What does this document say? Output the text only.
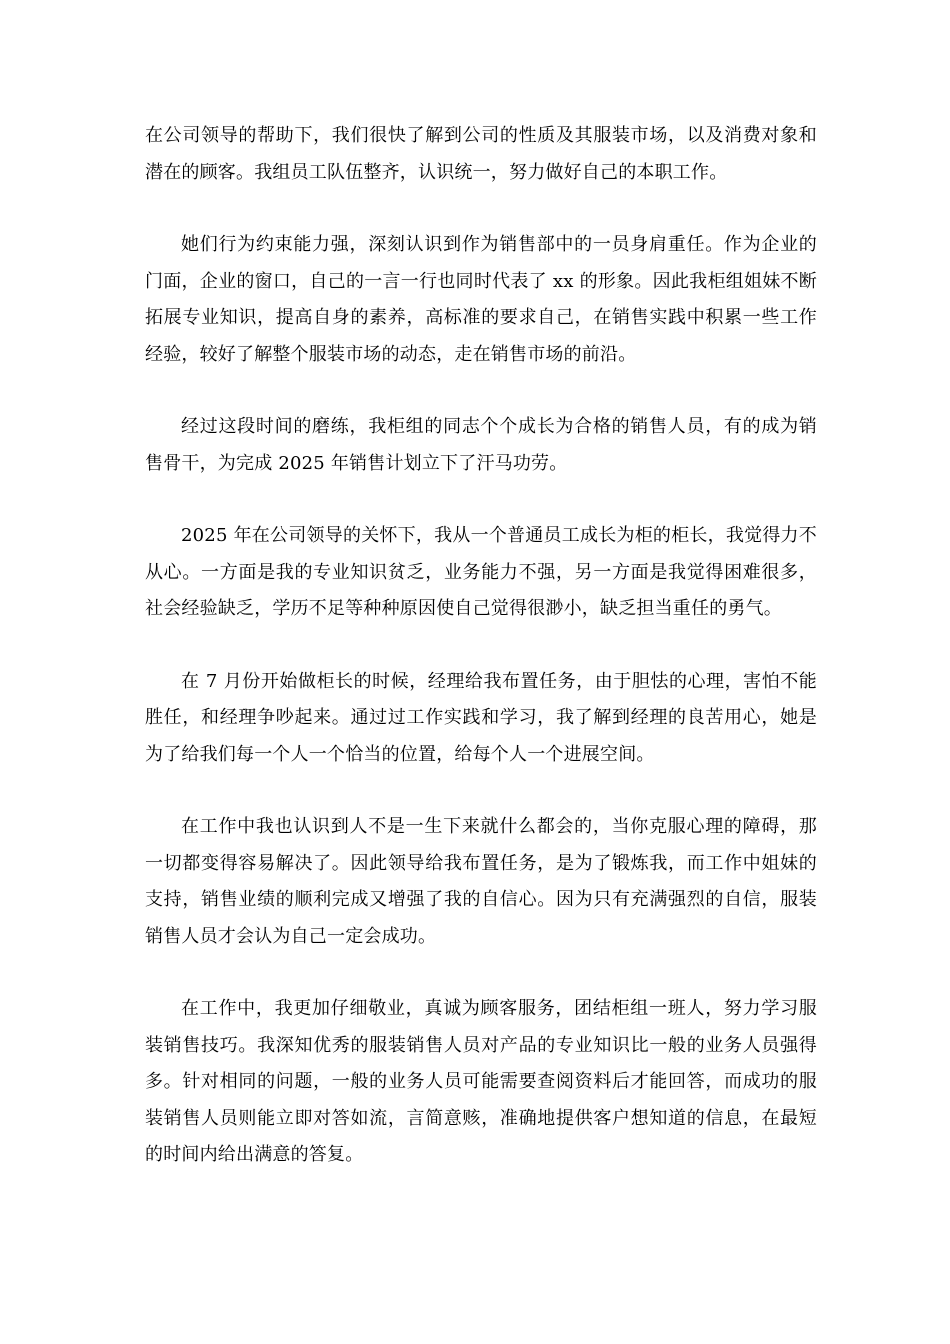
在公司领导的帮助下，我们很快了解到公司的性质及其服装市场，以及消费对象和潜在的顾客。我组员工队伍整齐，认识统一，努力做好自己的本职工作。

她们行为约束能力强，深刻认识到作为销售部中的一员身肩重任。作为企业的门面，企业的窗口，自己的一言一行也同时代表了 xx 的形象。因此我柜组姐妹不断拓展专业知识，提高自身的素养，高标准的要求自己，在销售实践中积累一些工作经验，较好了解整个服装市场的动态，走在销售市场的前沿。

经过这段时间的磨练，我柜组的同志个个成长为合格的销售人员，有的成为销售骨干，为完成 2025 年销售计划立下了汗马功劳。

2025 年在公司领导的关怀下，我从一个普通员工成长为柜的柜长，我觉得力不从心。一方面是我的专业知识贫乏，业务能力不强，另一方面是我觉得困难很多，社会经验缺乏，学历不足等种种原因使自己觉得很渺小，缺乏担当重任的勇气。

在 7 月份开始做柜长的时候，经理给我布置任务，由于胆怯的心理，害怕不能胜任，和经理争吵起来。通过过工作实践和学习，我了解到经理的良苦用心，她是为了给我们每一个人一个恰当的位置，给每个人一个进展空间。

在工作中我也认识到人不是一生下来就什么都会的，当你克服心理的障碍，那一切都变得容易解决了。因此领导给我布置任务，是为了锻炼我，而工作中姐妹的支持，销售业绩的顺利完成又增强了我的自信心。因为只有充满强烈的自信，服装销售人员才会认为自己一定会成功。

在工作中，我更加仔细敬业，真诚为顾客服务，团结柜组一班人，努力学习服装销售技巧。我深知优秀的服装销售人员对产品的专业知识比一般的业务人员强得多。针对相同的问题，一般的业务人员可能需要查阅资料后才能回答，而成功的服装销售人员则能立即对答如流，言简意赅，准确地提供客户想知道的信息，在最短的时间内给出满意的答复。
